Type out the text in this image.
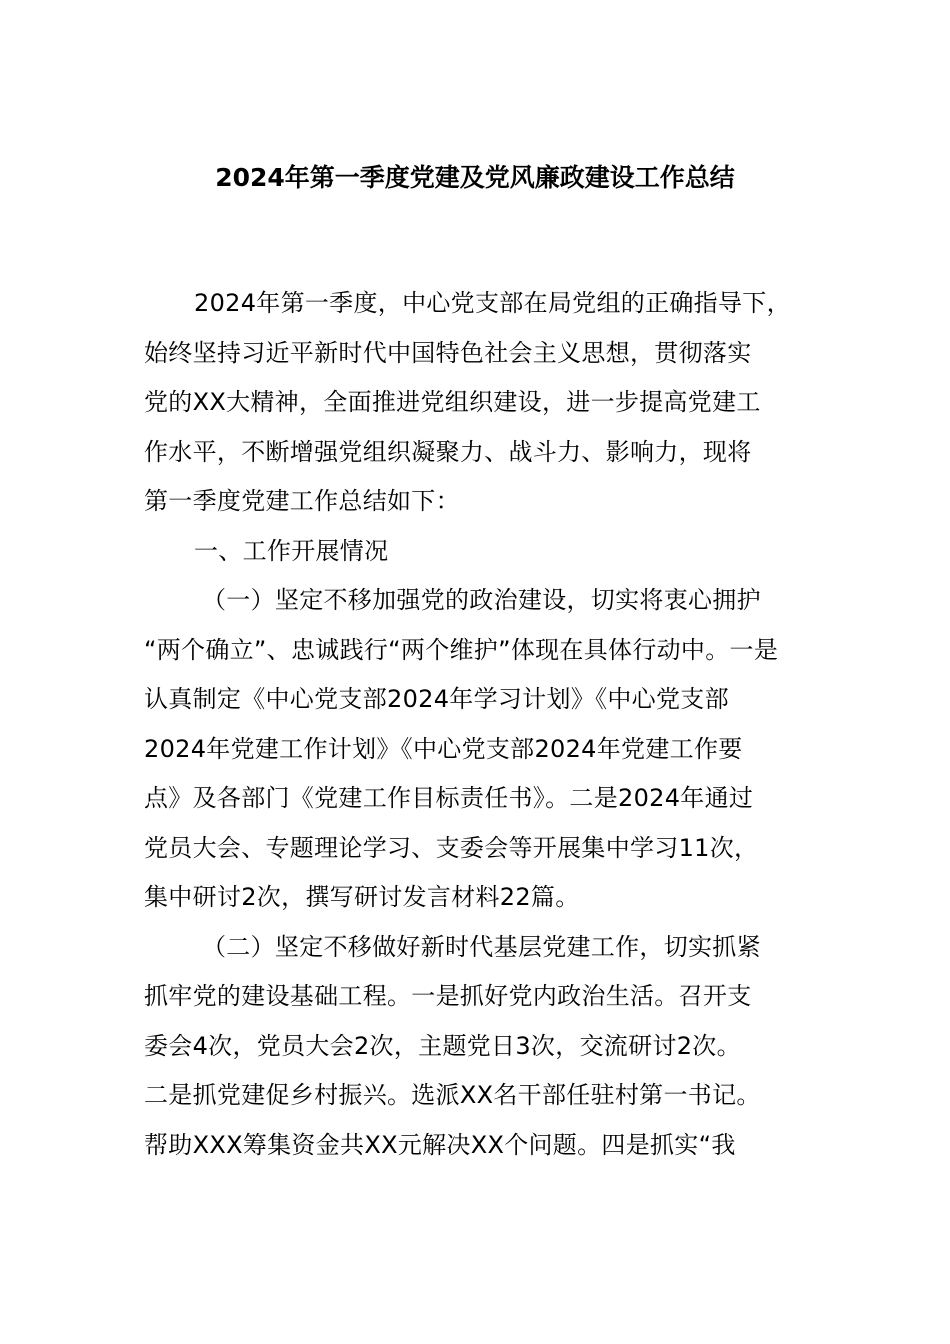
2024年第一季度党建及党风廉政建设工作总结
2024年第一季度，中心党支部在局党组的正确指导下，
始终坚持习近平新时代中国特色社会主义思想，贯彻落实
党的XX大精神，全面推进党组织建设，进一步提高党建工
作水平，不断增强党组织凝聚力、战斗力、影响力，现将
第一季度党建工作总结如下：
一、工作开展情况
（一）坚定不移加强党的政治建设，切实将衷心拥护
“两个确立”、忠诚践行“两个维护”体现在具体行动中。一是
认真制定《中心党支部2024年学习计划》《中心党支部
2024年党建工作计划》《中心党支部2024年党建工作要
点》及各部门《党建工作目标责任书》。二是2024年通过
党员大会、专题理论学习、支委会等开展集中学习11次，
集中研讨2次，撰写研讨发言材料22篇。
（二）坚定不移做好新时代基层党建工作，切实抓紧
抓牢党的建设基础工程。一是抓好党内政治生活。召开支
委会4次，党员大会2次，主题党日3次，交流研讨2次。
二是抓党建促乡村振兴。选派XX名干部任驻村第一书记。
帮助XXX筹集资金共XX元解决XX个问题。四是抓实“我
